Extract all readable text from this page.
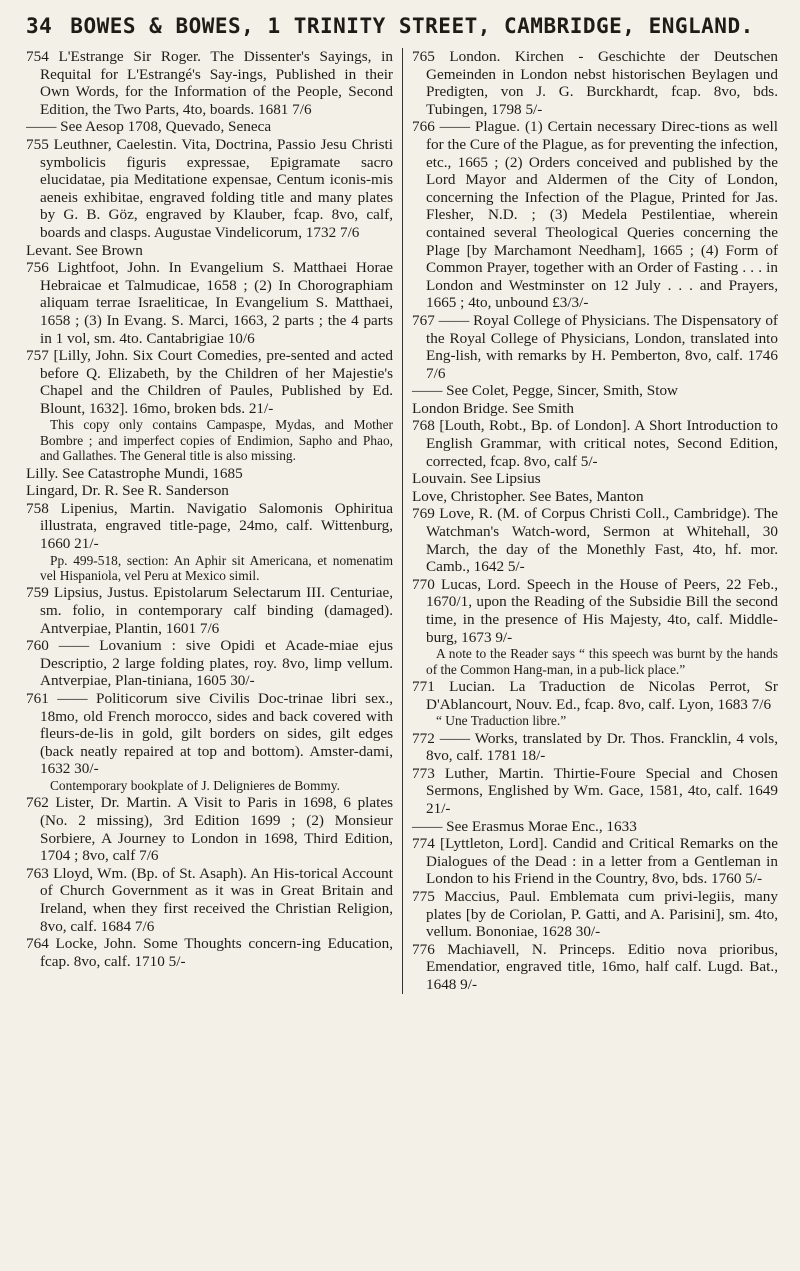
34 BOWES & BOWES, 1 TRINITY STREET, CAMBRIDGE, ENGLAND.

754 L'Estrange Sir Roger. The Dissenter's Sayings, in Requital for L'Estrangé's Say-ings, Published in their Own Words, for the Information of the People, Second Edition, the Two Parts, 4to, boards. 1681 7/6

—— See Aesop 1708, Quevado, Seneca

755 Leuthner, Caelestin. Vita, Doctrina, Passio Jesu Christi symbolicis figuris expressae, Epigramate sacro elucidatae, pia Meditatione expensae, Centum iconis-mis aeneis exhibitae, engraved folding title and many plates by G. B. Göz, engraved by Klauber, fcap. 8vo, calf, boards and clasps. Augustae Vindelicorum, 1732 7/6

Levant. See Brown

756 Lightfoot, John. In Evangelium S. Matthaei Horae Hebraicae et Talmudicae, 1658 ; (2) In Chorographiam aliquam terrae Israeliticae, In Evangelium S. Matthaei, 1658 ; (3) In Evang. S. Marci, 1663, 2 parts ; the 4 parts in 1 vol, sm. 4to. Cantabrigiae 10/6

757 [Lilly, John. Six Court Comedies, pre-sented and acted before Q. Elizabeth, by the Children of her Majestie's Chapel and the Children of Paules, Published by Ed. Blount, 1632]. 16mo, broken bds. 21/-

This copy only contains Campaspe, Mydas, and Mother Bombre ; and imperfect copies of Endimion, Sapho and Phao, and Gallathes. The General title is also missing.

Lilly. See Catastrophe Mundi, 1685

Lingard, Dr. R. See R. Sanderson

758 Lipenius, Martin. Navigatio Salomonis Ophiritua illustrata, engraved title-page, 24mo, calf. Wittenburg, 1660 21/-

Pp. 499-518, section: An Aphir sit Americana, et nomenatim vel Hispaniola, vel Peru at Mexico simil.

759 Lipsius, Justus. Epistolarum Selectarum III. Centuriae, sm. folio, in contemporary calf binding (damaged). Antverpiae, Plantin, 1601 7/6

760 —— Lovanium : sive Opidi et Acade-miae ejus Descriptio, 2 large folding plates, roy. 8vo, limp vellum. Antverpiae, Plan-tiniana, 1605 30/-

761 —— Politicorum sive Civilis Doc-trinae libri sex., 18mo, old French morocco, sides and back covered with fleurs-de-lis in gold, gilt borders on sides, gilt edges (back neatly repaired at top and bottom). Amster-dami, 1632 30/-

Contemporary bookplate of J. Delignieres de Bommy.

762 Lister, Dr. Martin. A Visit to Paris in 1698, 6 plates (No. 2 missing), 3rd Edition 1699 ; (2) Monsieur Sorbiere, A Journey to London in 1698, Third Edition, 1704 ; 8vo, calf 7/6

763 Lloyd, Wm. (Bp. of St. Asaph). An His-torical Account of Church Government as it was in Great Britain and Ireland, when they first received the Christian Religion, 8vo, calf. 1684 7/6

764 Locke, John. Some Thoughts concern-ing Education, fcap. 8vo, calf. 1710 5/-

765 London. Kirchen - Geschichte der Deutschen Gemeinden in London nebst historischen Beylagen und Predigten, von J. G. Burckhardt, fcap. 8vo, bds. Tubingen, 1798 5/-

766 —— Plague. (1) Certain necessary Direc-tions as well for the Cure of the Plague, as for preventing the infection, etc., 1665 ; (2) Orders conceived and published by the Lord Mayor and Aldermen of the City of London, concerning the Infection of the Plague, Printed for Jas. Flesher, N.D. ; (3) Medela Pestilentiae, wherein contained several Theological Queries concerning the Plage [by Marchamont Needham], 1665 ; (4) Form of Common Prayer, together with an Order of Fasting . . . in London and Westminster on 12 July . . . and Prayers, 1665 ; 4to, unbound £3/3/-

767 —— Royal College of Physicians. The Dispensatory of the Royal College of Physicians, London, translated into Eng-lish, with remarks by H. Pemberton, 8vo, calf. 1746 7/6

—— See Colet, Pegge, Sincer, Smith, Stow

London Bridge. See Smith

768 [Louth, Robt., Bp. of London]. A Short Introduction to English Grammar, with critical notes, Second Edition, corrected, fcap. 8vo, calf 5/-

Louvain. See Lipsius

Love, Christopher. See Bates, Manton

769 Love, R. (M. of Corpus Christi Coll., Cambridge). The Watchman's Watch-word, Sermon at Whitehall, 30 March, the day of the Monethly Fast, 4to, hf. mor. Camb., 1642 5/-

770 Lucas, Lord. Speech in the House of Peers, 22 Feb., 1670/1, upon the Reading of the Subsidie Bill the second time, in the presence of His Majesty, 4to, calf. Middle-burg, 1673 9/-

A note to the Reader says “ this speech was burnt by the hands of the Common Hang-man, in a pub-lick place.”

771 Lucian. La Traduction de Nicolas Perrot, Sr D'Ablancourt, Nouv. Ed., fcap. 8vo, calf. Lyon, 1683 7/6

“ Une Traduction libre.”

772 —— Works, translated by Dr. Thos. Francklin, 4 vols, 8vo, calf. 1781 18/-

773 Luther, Martin. Thirtie-Foure Special and Chosen Sermons, Englished by Wm. Gace, 1581, 4to, calf. 1649 21/-

—— See Erasmus Morae Enc., 1633

774 [Lyttleton, Lord]. Candid and Critical Remarks on the Dialogues of the Dead : in a letter from a Gentleman in London to his Friend in the Country, 8vo, bds. 1760 5/-

775 Maccius, Paul. Emblemata cum privi-legiis, many plates [by de Coriolan, P. Gatti, and A. Parisini], sm. 4to, vellum. Bononiae, 1628 30/-

776 Machiavell, N. Princeps. Editio nova prioribus, Emendatior, engraved title, 16mo, half calf. Lugd. Bat., 1648 9/-
